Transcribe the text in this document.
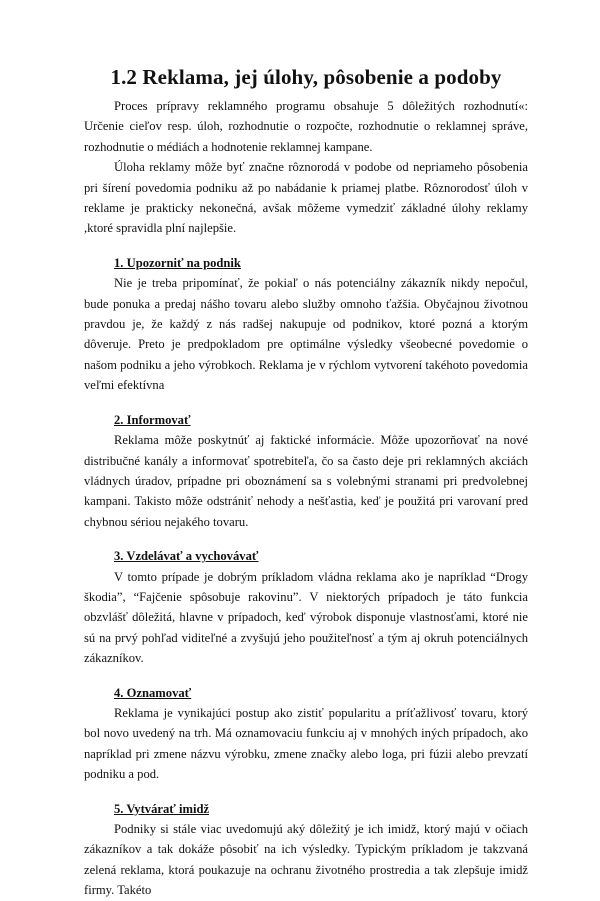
1.2 Reklama, jej úlohy, pôsobenie a podoby

Proces prípravy reklamného programu obsahuje 5 dôležitých rozhodnutí«: Určenie cieľov resp. úloh, rozhodnutie o rozpočte, rozhodnutie o reklamnej správe, rozhodnutie o médiách a hodnotenie reklamnej kampane.

Úloha reklamy môže byť značne rôznorodá v podobe od nepriameho pôsobenia pri šírení povedomia podniku až po nabádanie k priamej platbe. Rôznorodosť úloh v reklame je prakticky nekonečná, avšak môžeme vymedziť základné úlohy reklamy ,ktoré spravidla plní najlepšie.

1. Upozorniť na podnik

Nie je treba pripomínať, že pokiaľ o nás potenciálny zákazník nikdy nepočul, bude ponuka a predaj nášho tovaru alebo služby omnoho ťažšia. Obyčajnou životnou pravdou je, že každý z nás radšej nakupuje od podnikov, ktoré pozná a ktorým dôveruje. Preto je predpokladom pre optimálne výsledky všeobecné povedomie o našom podniku a jeho výrobkoch. Reklama je v rýchlom vytvorení takéhoto povedomia veľmi efektívna

2. Informovať

Reklama môže poskytnúť aj faktické informácie. Môže upozorňovať na nové distribučné kanály a informovať spotrebiteľa, čo sa často deje pri reklamných akciách vládnych úradov, prípadne pri oboznámení sa s volebnými stranami pri predvolebnej kampani. Takisto môže odstrániť nehody a nešťastia, keď je použitá pri varovaní pred chybnou sériou nejakého tovaru.

3. Vzdelávať a vychovávať

V tomto prípade je dobrým príkladom vládna reklama ako je napríklad “Drogy škodia”, “Fajčenie spôsobuje rakovinu”. V niektorých prípadoch je táto funkcia obzvlášť dôležitá, hlavne v prípadoch, keď výrobok disponuje vlastnosťami, ktoré nie sú na prvý pohľad viditeľné a zvyšujú jeho použiteľnosť a tým aj okruh potenciálnych zákazníkov.

4. Oznamovať

Reklama je vynikajúci postup ako zistiť popularitu a príťažlivosť tovaru, ktorý bol novo uvedený na trh. Má oznamovaciu funkciu aj v mnohých iných prípadoch, ako napríklad pri zmene názvu výrobku, zmene značky alebo loga, pri fúzii alebo prevzatí podniku a pod.

5. Vytvárať imidž

Podniky si stále viac uvedomujú aký dôležitý je ich imidž, ktorý majú v očiach zákazníkov a tak dokáže pôsobiť na ich výsledky. Typickým príkladom je takzvaná zelená reklama, ktorá poukazuje na ochranu životného prostredia a tak zlepšuje imidž firmy. Takéto
